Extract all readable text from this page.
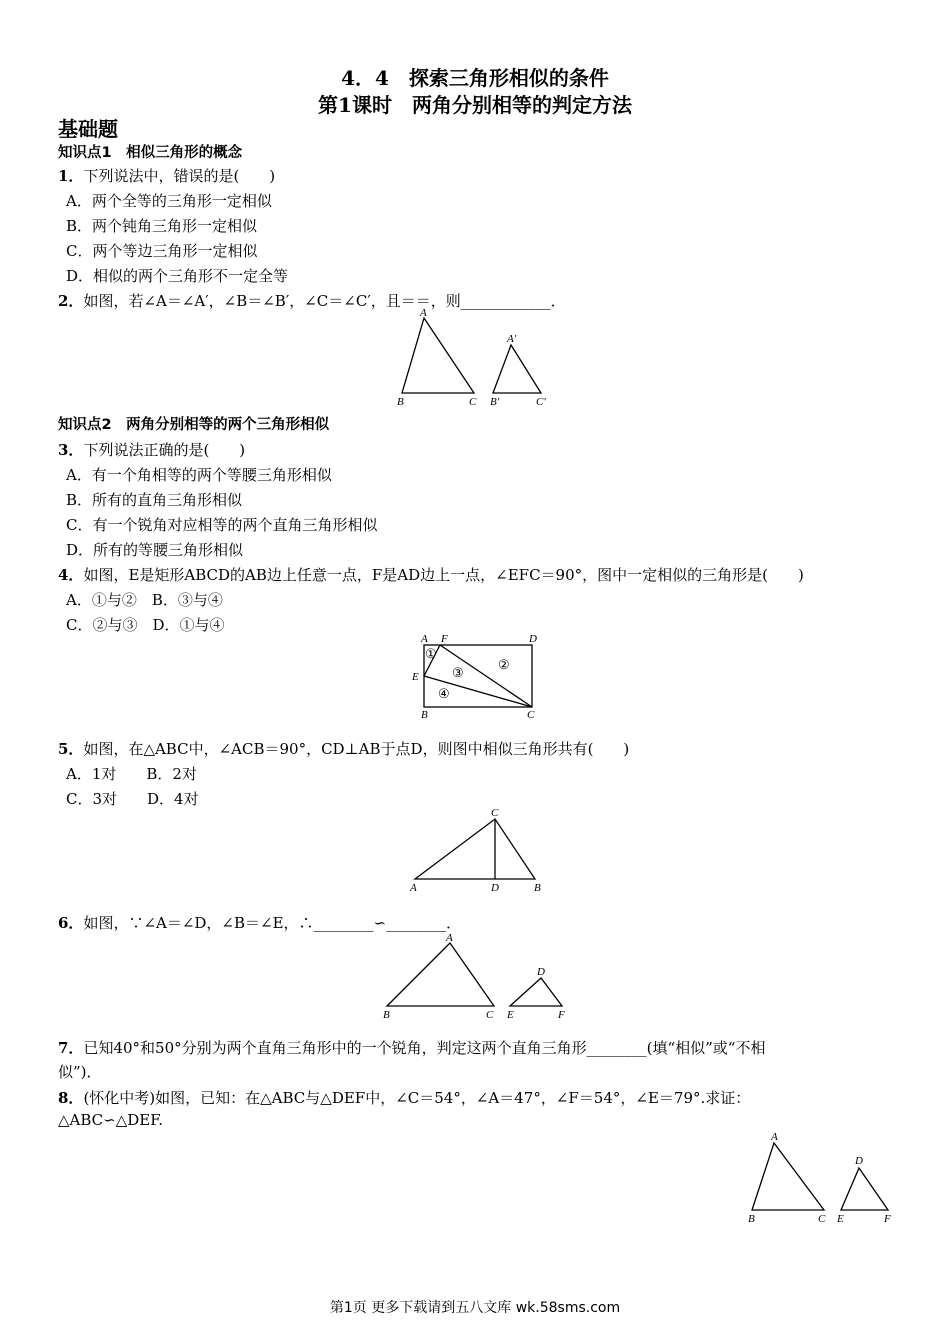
4．4　探索三角形相似的条件
第1课时　两角分别相等的判定方法
基础题
知识点1　相似三角形的概念
1．下列说法中，错误的是(　　)
A．两个全等的三角形一定相似
B．两个钝角三角形一定相似
C．两个等边三角形一定相似
D．相似的两个三角形不一定全等
2．如图，若∠A＝∠A′，∠B＝∠B′，∠C＝∠C′，且＝＝，则____________．
A
B	C
A′
B′	C′
知识点2　两角分别相等的两个三角形相似
3．下列说法正确的是(　　)
A．有一个角相等的两个等腰三角形相似
B．所有的直角三角形相似
C．有一个锐角对应相等的两个直角三角形相似
D．所有的等腰三角形相似
4．如图，E是矩形ABCD的AB边上任意一点，F是AD边上一点，∠EFC＝90°，图中一定相似的三角形是(　　)
A．①与②　B．③与④
C．②与③　D．①与④
A F	D
E
B	C
①
②
③
④
5．如图，在△ABC中，∠ACB＝90°，CD⊥AB于点D，则图中相似三角形共有(　　)
A．1对　　B．2对
C．3对　　D．4对
C
A	D	B
6．如图，∵∠A＝∠D，∠B＝∠E，∴________∽________．
A
B	C
D
E	F
7．已知40°和50°分别为两个直角三角形中的一个锐角，判定这两个直角三角形________(填“相似”或“不相
似”)．
8．(怀化中考)如图，已知：在△ABC与△DEF中，∠C＝54°，∠A＝47°，∠F＝54°，∠E＝79°.求证：
△ABC∽△DEF.
A
B	C
D
E	F
第1页 更多下载请到五八文库 wk.58sms.com
